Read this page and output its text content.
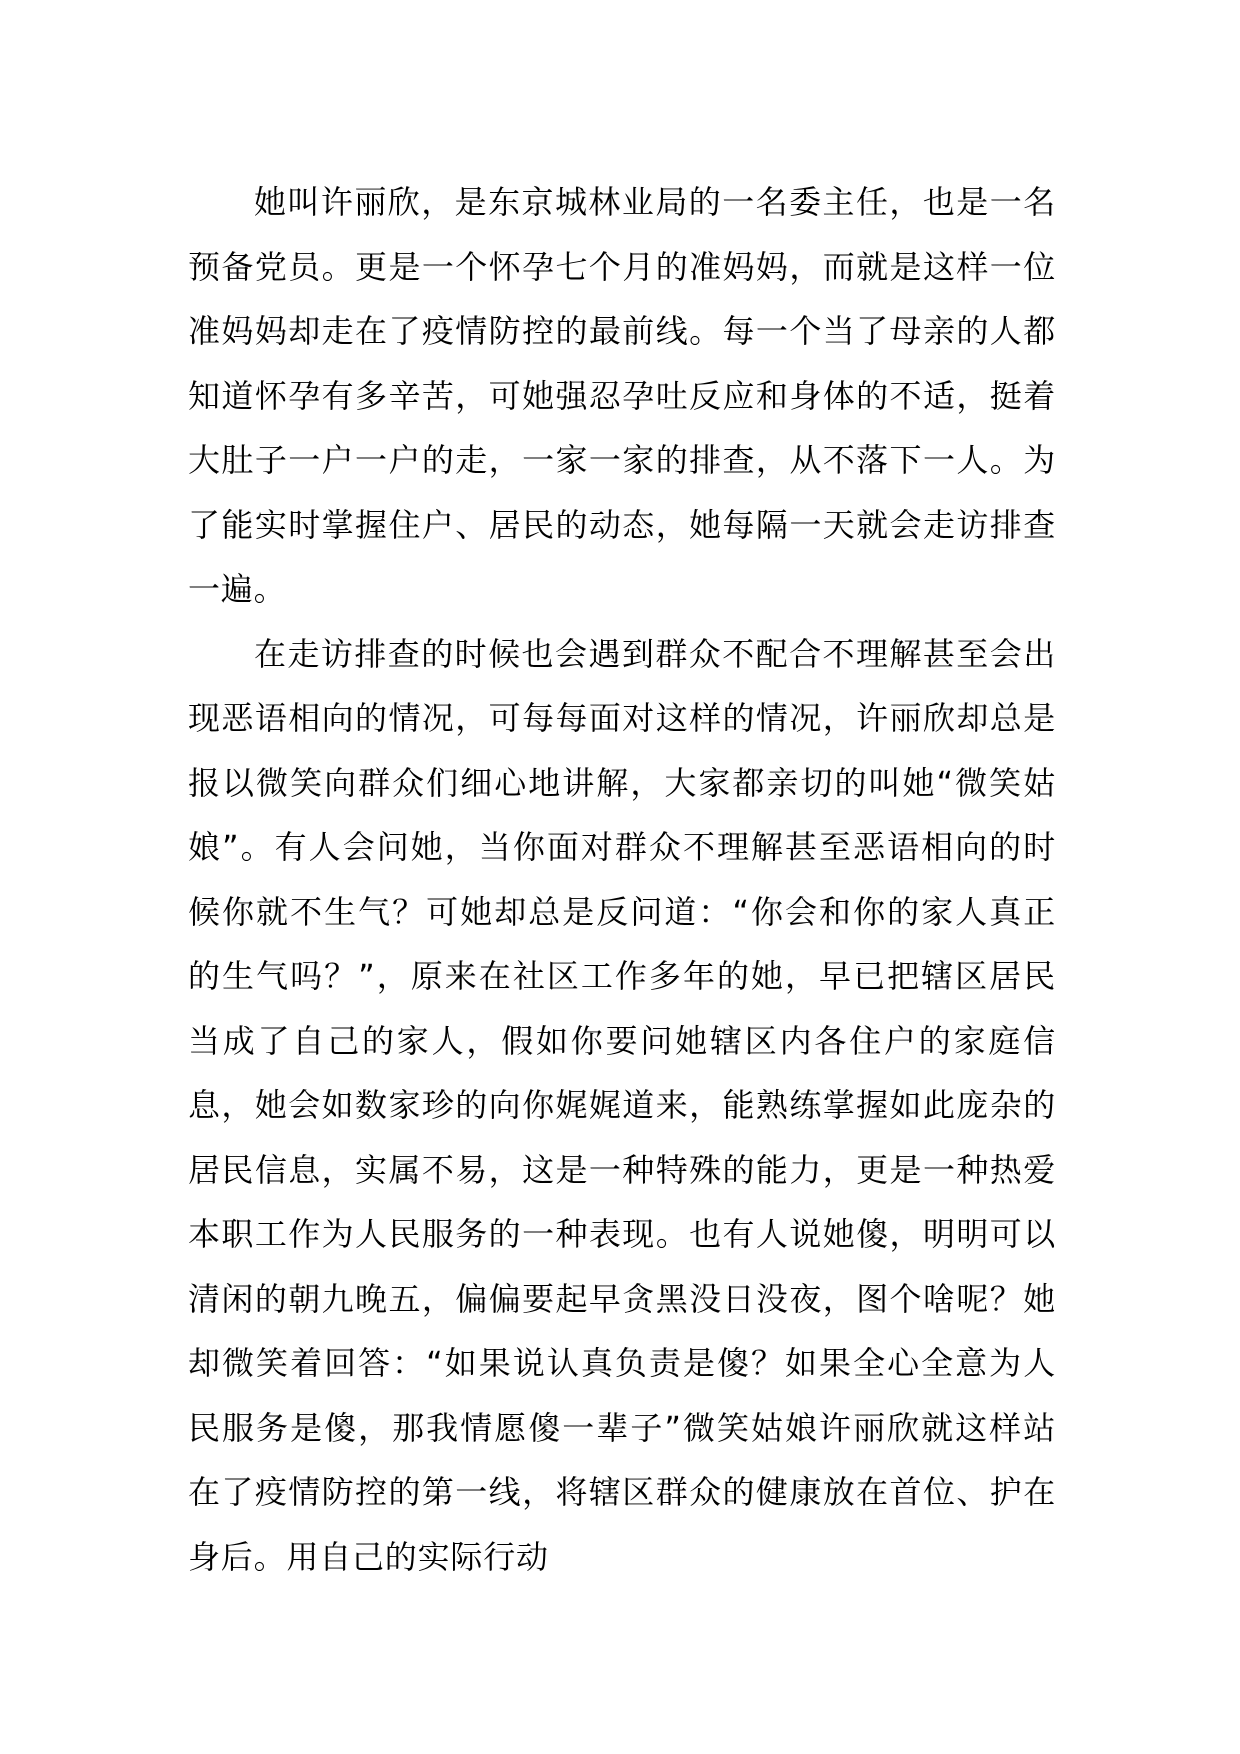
她叫许丽欣，是东京城林业局的一名委主任，也是一名预备党员。更是一个怀孕七个月的准妈妈，而就是这样一位准妈妈却走在了疫情防控的最前线。每一个当了母亲的人都知道怀孕有多辛苦，可她强忍孕吐反应和身体的不适，挺着大肚子一户一户的走，一家一家的排查，从不落下一人。为了能实时掌握住户、居民的动态，她每隔一天就会走访排查一遍。

在走访排查的时候也会遇到群众不配合不理解甚至会出现恶语相向的情况，可每每面对这样的情况，许丽欣却总是报以微笑向群众们细心地讲解，大家都亲切的叫她“微笑姑娘”。有人会问她，当你面对群众不理解甚至恶语相向的时候你就不生气？可她却总是反问道：“你会和你的家人真正的生气吗？”，原来在社区工作多年的她，早已把辖区居民当成了自己的家人，假如你要问她辖区内各住户的家庭信息，她会如数家珍的向你娓娓道来，能熟练掌握如此庞杂的居民信息，实属不易，这是一种特殊的能力，更是一种热爱本职工作为人民服务的一种表现。也有人说她傻，明明可以清闲的朝九晚五，偏偏要起早贪黑没日没夜，图个啥呢？她却微笑着回答：“如果说认真负责是傻？如果全心全意为人民服务是傻，那我情愿傻一辈子”微笑姑娘许丽欣就这样站在了疫情防控的第一线，将辖区群众的健康放在首位、护在身后。用自己的实际行动
